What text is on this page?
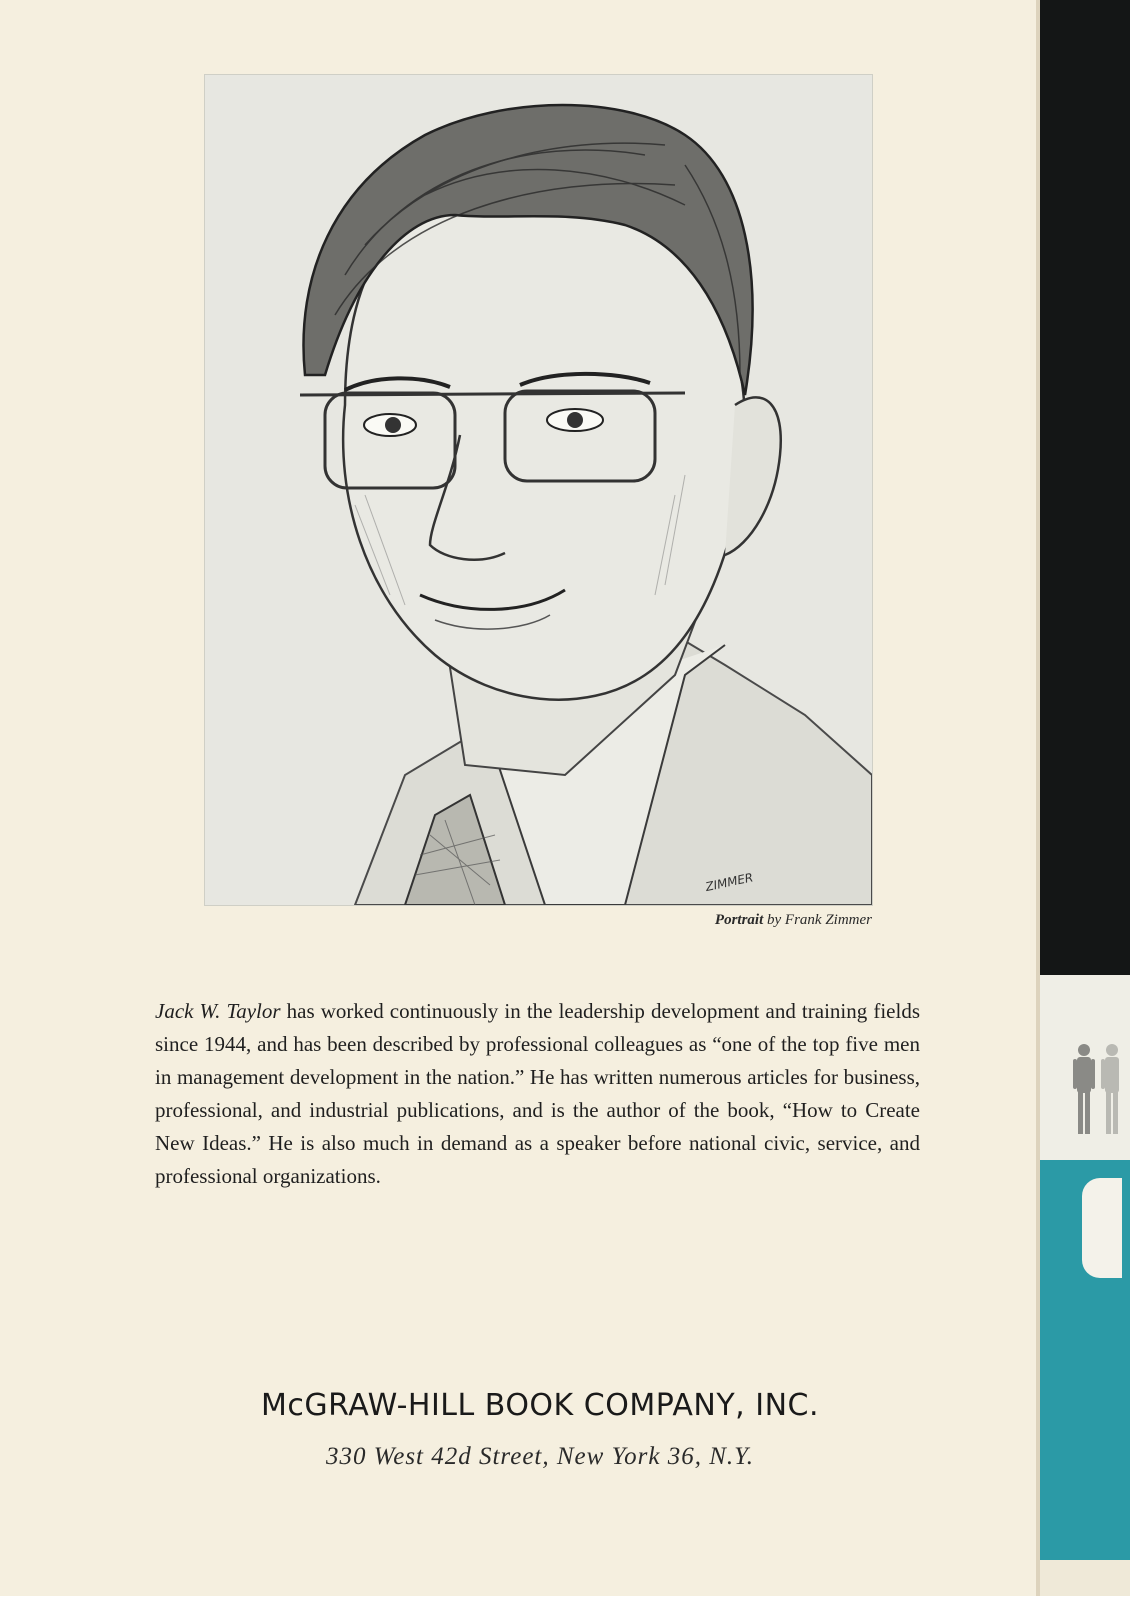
ZIMMER
Portrait by Frank Zimmer
Jack W. Taylor has worked continuously in the leadership development and training fields since 1944, and has been described by professional colleagues as “one of the top five men in management development in the nation.” He has written numerous articles for business, professional, and industrial publications, and is the author of the book, “How to Create New Ideas.” He is also much in demand as a speaker before national civic, service, and professional organizations.
McGRAW-HILL BOOK COMPANY, INC.
330 West 42d Street, New York 36, N.Y.
